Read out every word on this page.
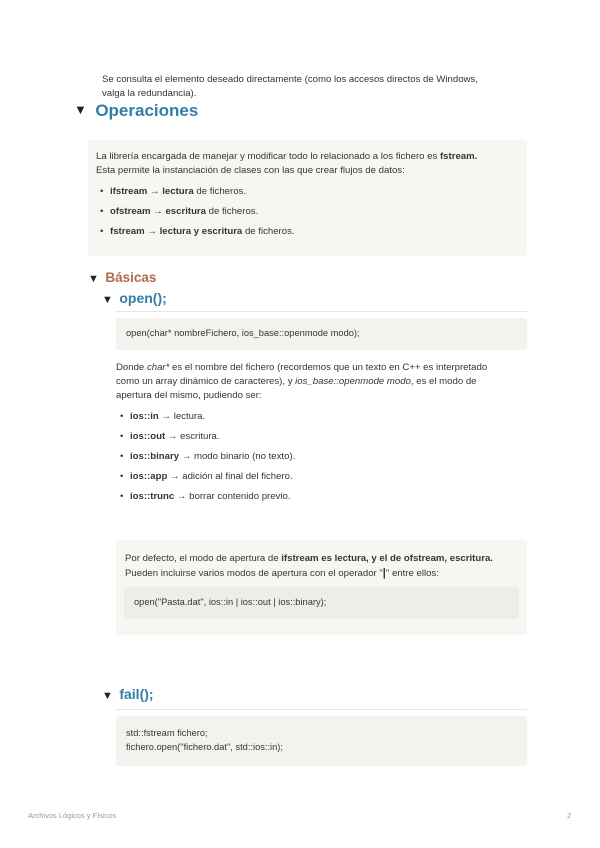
Se consulta el elemento deseado directamente (como los accesos directos de Windows,
valga la redundancia).
▼ Operaciones
La librería encargada de manejar y modificar todo lo relacionado a los fichero es fstream.
Esta permite la instanciación de clases con las que crear flujos de datos:
• ifstream → lectura de ficheros.
• ofstream → escritura de ficheros.
• fstream → lectura y escritura de ficheros.
▼ Básicas
▼ open();
open(char* nombreFichero, ios_base::openmode modo);
Donde char* es el nombre del fichero (recordemos que un texto en C++ es interpretado
como un array dinámico de caracteres), y ios_base::openmode modo, es el modo de
apertura del mismo, pudiendo ser:
• ios::in → lectura.
• ios::out → escritura.
• ios::binary → modo binario (no texto).
• ios::app → adición al final del fichero.
• ios::trunc → borrar contenido previo.
Por defecto, el modo de apertura de ifstream es lectura, y el de ofstream, escritura.
Pueden incluirse varios modos de apertura con el operador "|" entre ellos:
open("Pasta.dat", ios::in | ios::out | ios::binary);
▼ fail();
std::fstream fichero;
fichero.open("fichero.dat", std::ios::in);
Archivos Lógicos y Físicos	2
